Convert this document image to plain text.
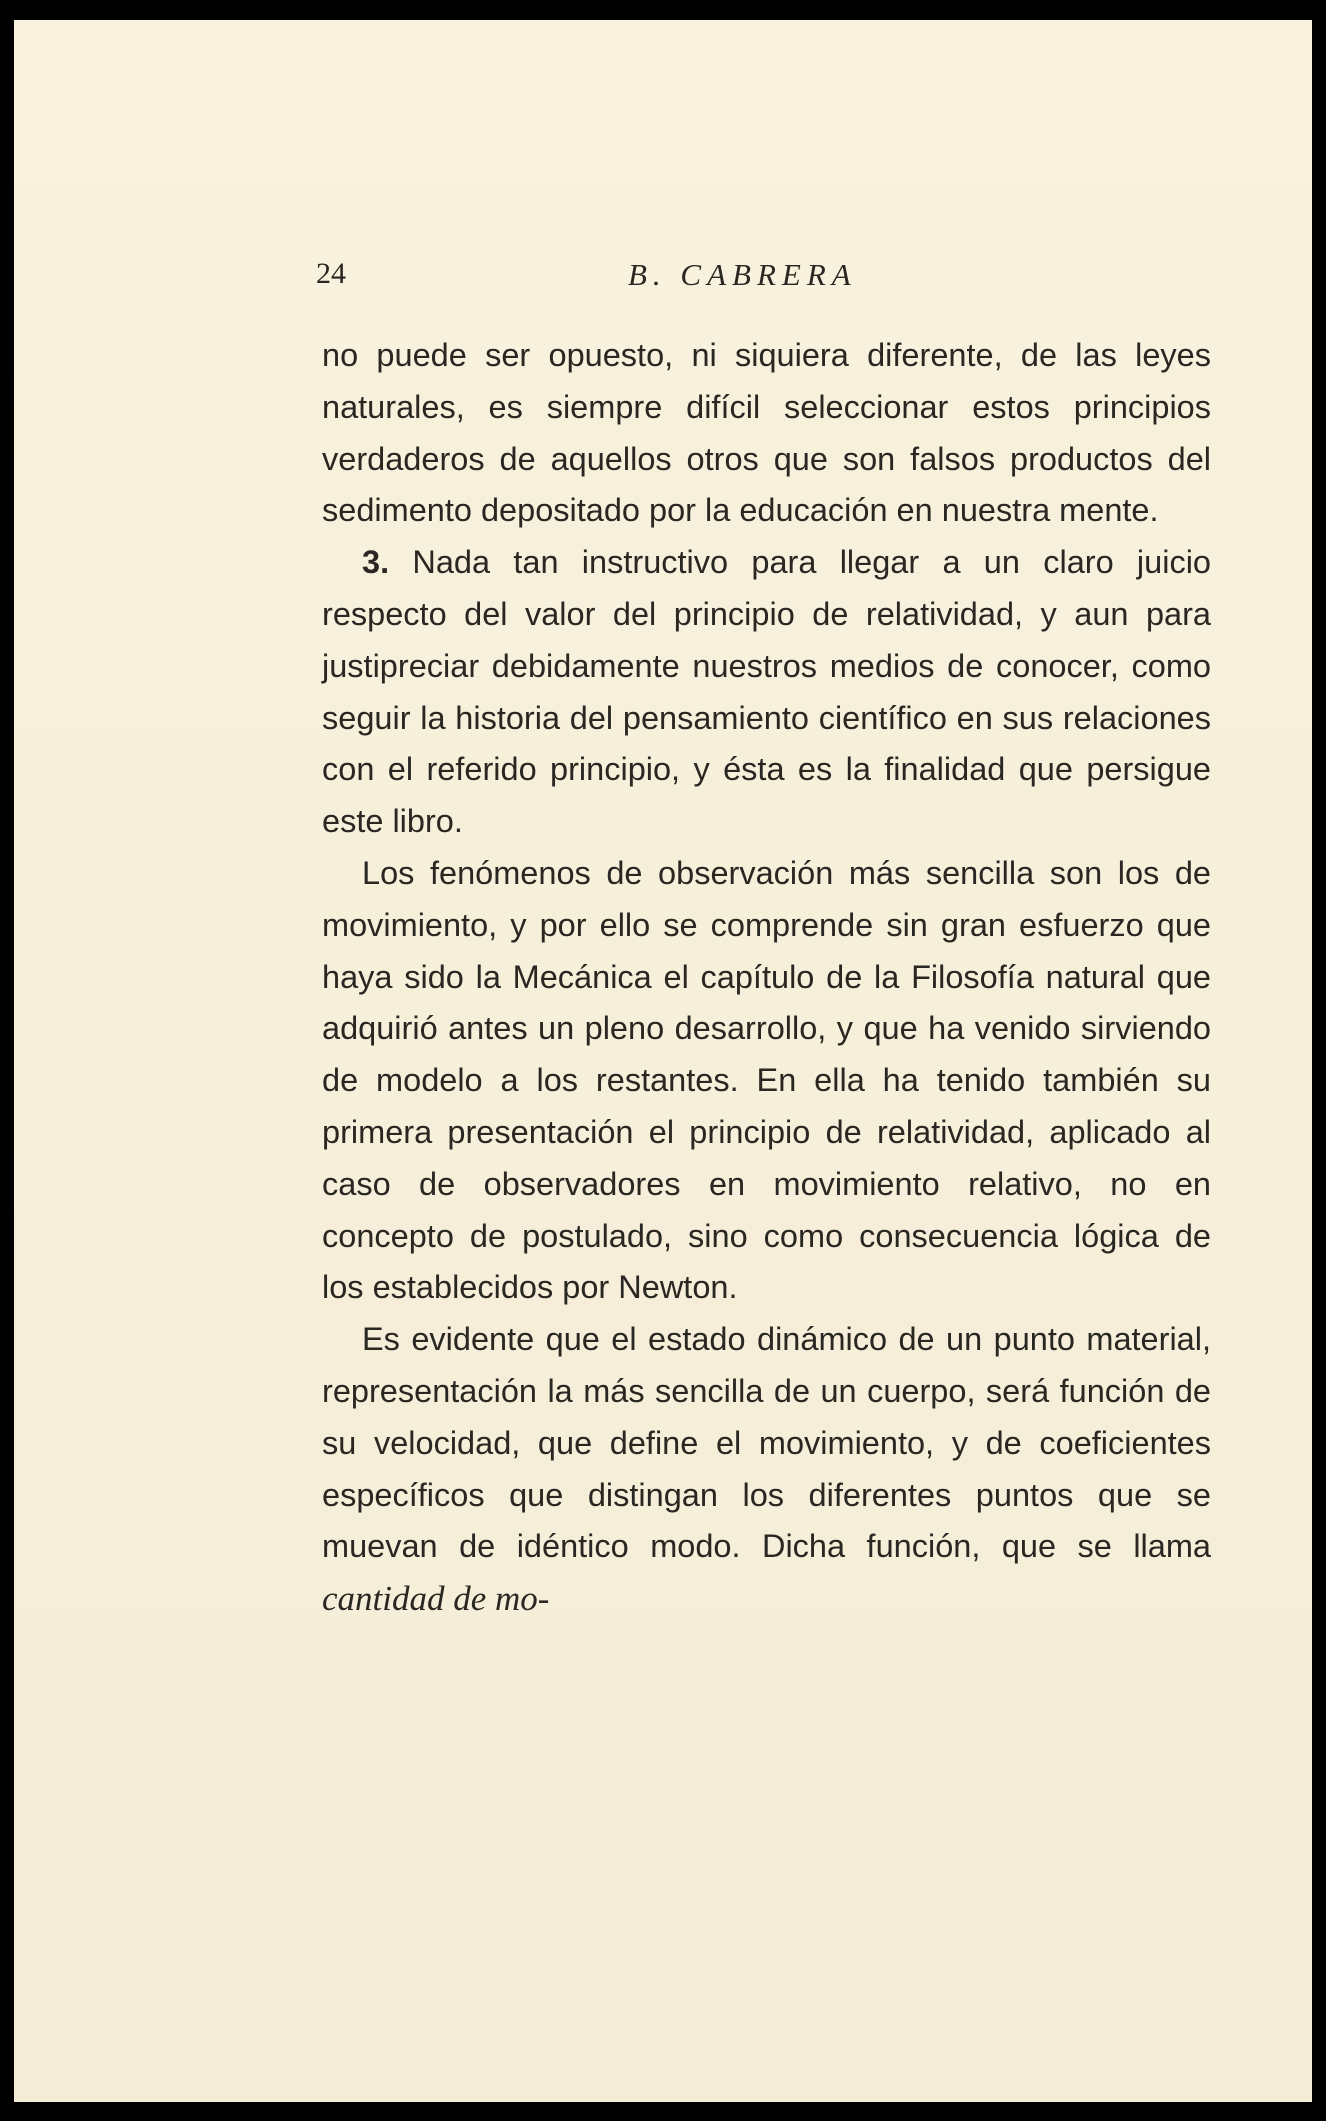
24	B. CABRERA

no puede ser opuesto, ni siquiera diferente, de las leyes naturales, es siempre difícil seleccionar estos principios verdaderos de aquellos otros que son falsos productos del sedimento depositado por la educación en nuestra mente.

3. Nada tan instructivo para llegar a un claro juicio respecto del valor del principio de relatividad, y aun para justipreciar debidamente nuestros medios de conocer, como seguir la historia del pensamiento científico en sus relaciones con el referido principio, y ésta es la finalidad que persigue este libro.

Los fenómenos de observación más sencilla son los de movimiento, y por ello se comprende sin gran esfuerzo que haya sido la Mecánica el capítulo de la Filosofía natural que adquirió antes un pleno desarrollo, y que ha venido sirviendo de modelo a los restantes. En ella ha tenido también su primera presentación el principio de relatividad, aplicado al caso de observadores en movimiento relativo, no en concepto de postulado, sino como consecuencia lógica de los establecidos por Newton.

Es evidente que el estado dinámico de un punto material, representación la más sencilla de un cuerpo, será función de su velocidad, que define el movimiento, y de coeficientes específicos que distingan los diferentes puntos que se muevan de idéntico modo. Dicha función, que se llama cantidad de mo-
